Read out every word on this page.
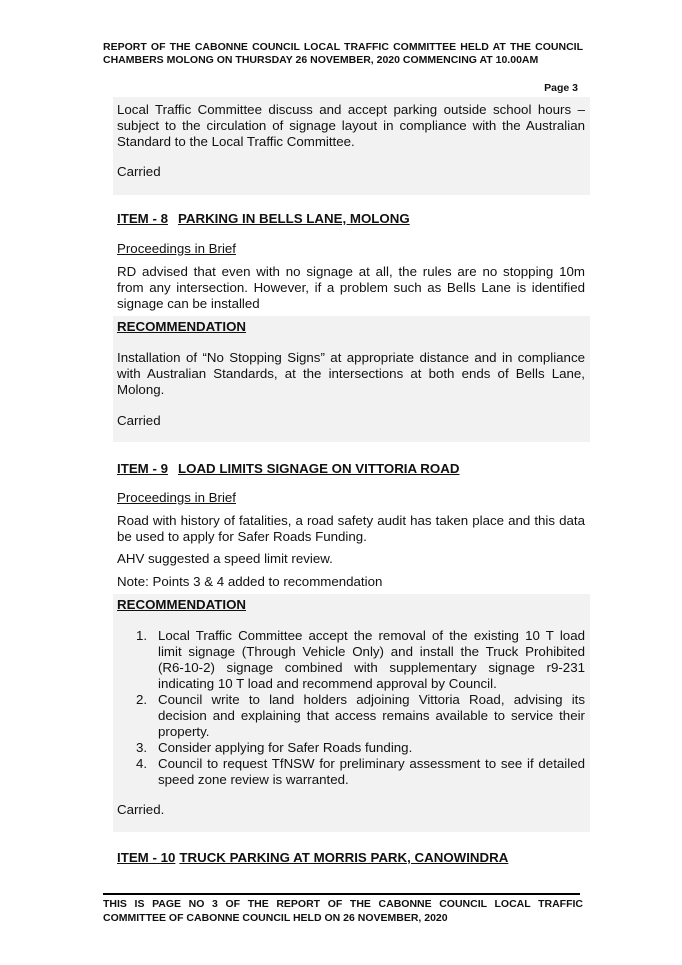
REPORT OF THE CABONNE COUNCIL LOCAL TRAFFIC COMMITTEE HELD AT THE COUNCIL CHAMBERS MOLONG ON THURSDAY 26 NOVEMBER, 2020 COMMENCING AT 10.00AM

Page 3

Local Traffic Committee discuss and accept parking outside school hours – subject to the circulation of signage layout in compliance with the Australian Standard to the Local Traffic Committee.

Carried

ITEM - 8 PARKING IN BELLS LANE, MOLONG

Proceedings in Brief

RD advised that even with no signage at all, the rules are no stopping 10m from any intersection. However, if a problem such as Bells Lane is identified signage can be installed

RECOMMENDATION

Installation of “No Stopping Signs” at appropriate distance and in compliance with Australian Standards, at the intersections at both ends of Bells Lane, Molong.

Carried

ITEM - 9 LOAD LIMITS SIGNAGE ON VITTORIA ROAD

Proceedings in Brief

Road with history of fatalities, a road safety audit has taken place and this data be used to apply for Safer Roads Funding.

AHV suggested a speed limit review.

Note: Points 3 & 4 added to recommendation

RECOMMENDATION

1. Local Traffic Committee accept the removal of the existing 10 T load limit signage (Through Vehicle Only) and install the Truck Prohibited (R6-10-2) signage combined with supplementary signage r9-231 indicating 10 T load and recommend approval by Council.
2. Council write to land holders adjoining Vittoria Road, advising its decision and explaining that access remains available to service their property.
3. Consider applying for Safer Roads funding.
4. Council to request TfNSW for preliminary assessment to see if detailed speed zone review is warranted.

Carried.

ITEM - 10 TRUCK PARKING AT MORRIS PARK, CANOWINDRA

THIS IS PAGE NO 3 OF THE REPORT OF THE CABONNE COUNCIL LOCAL TRAFFIC COMMITTEE OF CABONNE COUNCIL HELD ON 26 NOVEMBER, 2020
